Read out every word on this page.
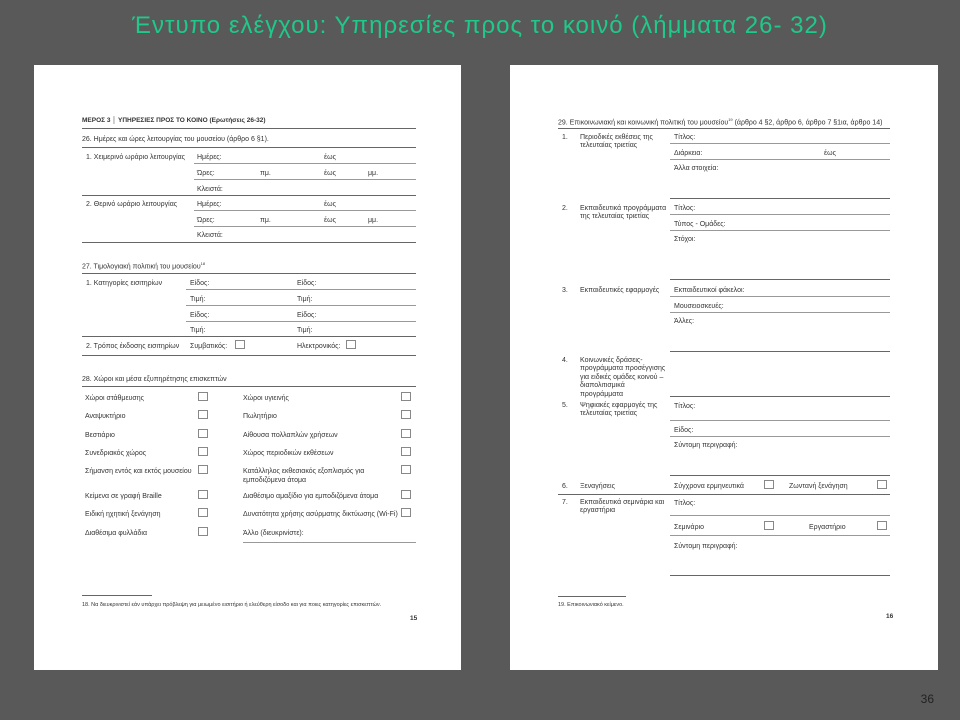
Έντυπο ελέγχου: Υπηρεσίες προς το κοινό (λήμματα 26- 32)
ΜΕΡΟΣ 3 │ ΥΠΗΡΕΣΙΕΣ ΠΡΟΣ ΤΟ ΚΟΙΝΟ (Ερωτήσεις 26-32)
26. Ημέρες και ώρες λειτουργίας του μουσείου (άρθρο 6 §1).
1. Χειμερινό ωράριο λειτουργίας Ημέρες:	έως
Ώρες:	πμ.	έως	μμ.
Κλειστά:
2. Θερινό ωράριο λειτουργίας	Ημέρες:	έως
Ώρες:	πμ.	έως	μμ.
Κλειστά:
27. Τιμολογιακή πολιτική του μουσείου$^{18}$
1. Κατηγορίες εισιτηρίων	Είδος:	Είδος:
Τιμή:	Τιμή:
Είδος:	Είδος:
Τιμή:	Τιμή:
2. Τρόπος έκδοσης εισιτηρίων Συμβατικός:	Ηλεκτρονικός:
28. Χώροι και μέσα εξυπηρέτησης επισκεπτών
Χώροι στάθμευσης	Χώροι υγιεινής
Αναψυκτήριο	Πωλητήριο
Βεστιάριο	Αίθουσα πολλαπλών χρήσεων
Συνεδριακός χώρος	Χώρος περιοδικών εκθέσεων
Σήμανση εντός και εκτός μουσείου	Κατάλληλος εκθεσιακός εξοπλισμός για εμποδιζόμενα άτομα
Κείμενα σε γραφή Braille	Διαθέσιμο αμαξίδιο για εμποδιζόμενα άτομα
Ειδική ηχητική ξενάγηση	Δυνατότητα χρήσης ασύρματης δικτύωσης (Wi-Fi)
Διαθέσιμα φυλλάδια	Άλλο (διευκρινίστε):
18. Να διευκρινιστεί εάν υπάρχει πρόβλεψη για μειωμένο εισιτήριο ή ελεύθερη είσοδο και για ποιες κατηγορίες επισκεπτών.
15
29. Επικοινωνιακή και κοινωνική πολιτική του μουσείου$^{19}$ (άρθρο 4 §2, άρθρο 6, άρθρο 7 §1ια, άρθρο 14)
1. Περιοδικές εκθέσεις της τελευταίας τριετίας
Τίτλος:
Διάρκεια:	έως
Άλλα στοιχεία:
2. Εκπαιδευτικά προγράμματα της τελευταίας τριετίας
Τίτλος:
Τύπος - Ομάδες:
Στόχοι:
3. Εκπαιδευτικές εφαρμογές Εκπαιδευτικοί φάκελοι:
Μουσειοσκευές:
Άλλες:
4. Κοινωνικές δράσεις- προγράμματα προσέγγισης για ειδικές ομάδες κοινού – διαπολιτισμικά προγράμματα
5. Ψηφιακές εφαρμογές της τελευταίας τριετίας
Τίτλος:
Είδος:
Σύντομη περιγραφή:
6. Ξεναγήσεις	Σύγχρονα ερμηνευτικά	Ζωντανή ξενάγηση
7. Εκπαιδευτικά σεμινάρια και εργαστήρια
Τίτλος:
Σεμινάριο	Εργαστήριο
Σύντομη περιγραφή:
19. Επικοινωνιακό κείμενο.
16
36
